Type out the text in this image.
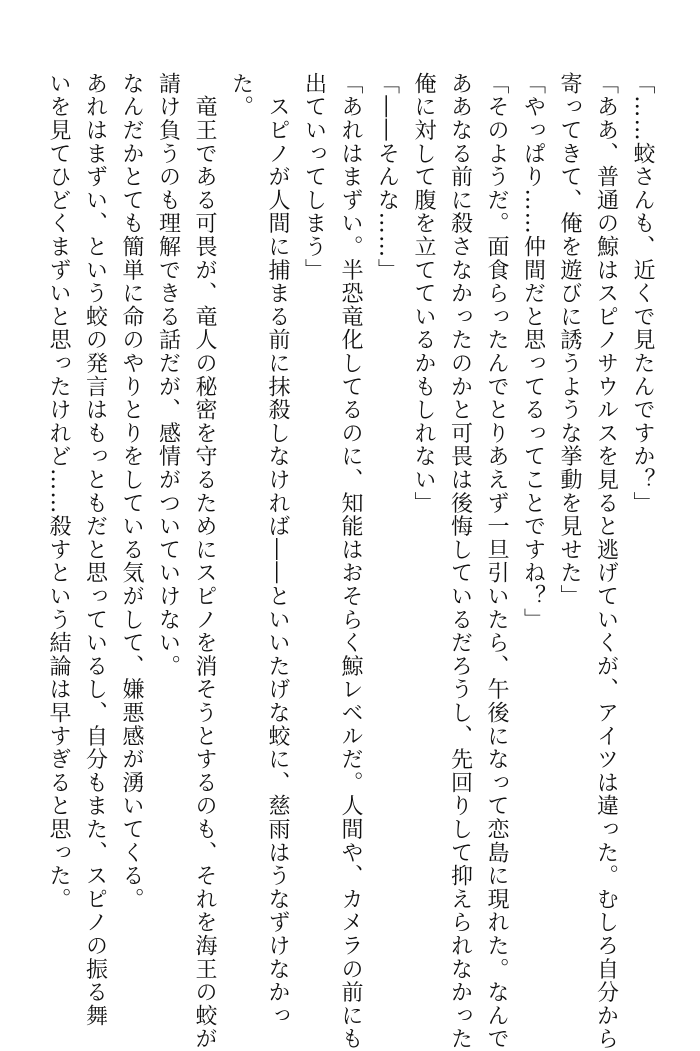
「……蛟さんも、近くで見たんですか？」
「ああ、普通の鯨はスピノサウルスを見ると逃げていくが、アイツは違った。むしろ自分から
寄ってきて、俺を遊びに誘うような挙動を見せた」
「やっぱり……仲間だと思ってるってことですね？」
「そのようだ。面食らったんでとりあえず一旦引いたら、午後になって恋島に現れた。なんで
ああなる前に殺さなかったのかと可畏は後悔しているだろうし、先回りして抑えられなかった
俺に対して腹を立てているかもしれない」
「――そんな……」
「あれはまずい。半恐竜化してるのに、知能はおそらく鯨レベルだ。人間や、カメラの前にも
出ていってしまう」
　スピノが人間に捕まる前に抹殺しなければ――といいたげな蛟に、慈雨はうなずけなかっ
た。
　竜王である可畏が、竜人の秘密を守るためにスピノを消そうとするのも、それを海王の蛟が
請け負うのも理解できる話だが、感情がついていけない。
なんだかとても簡単に命のやりとりをしている気がして、嫌悪感が湧いてくる。
あれはまずい、という蛟の発言はもっともだと思っているし、自分もまた、スピノの振る舞
いを見てひどくまずいと思ったけれど……殺すという結論は早すぎると思った。
